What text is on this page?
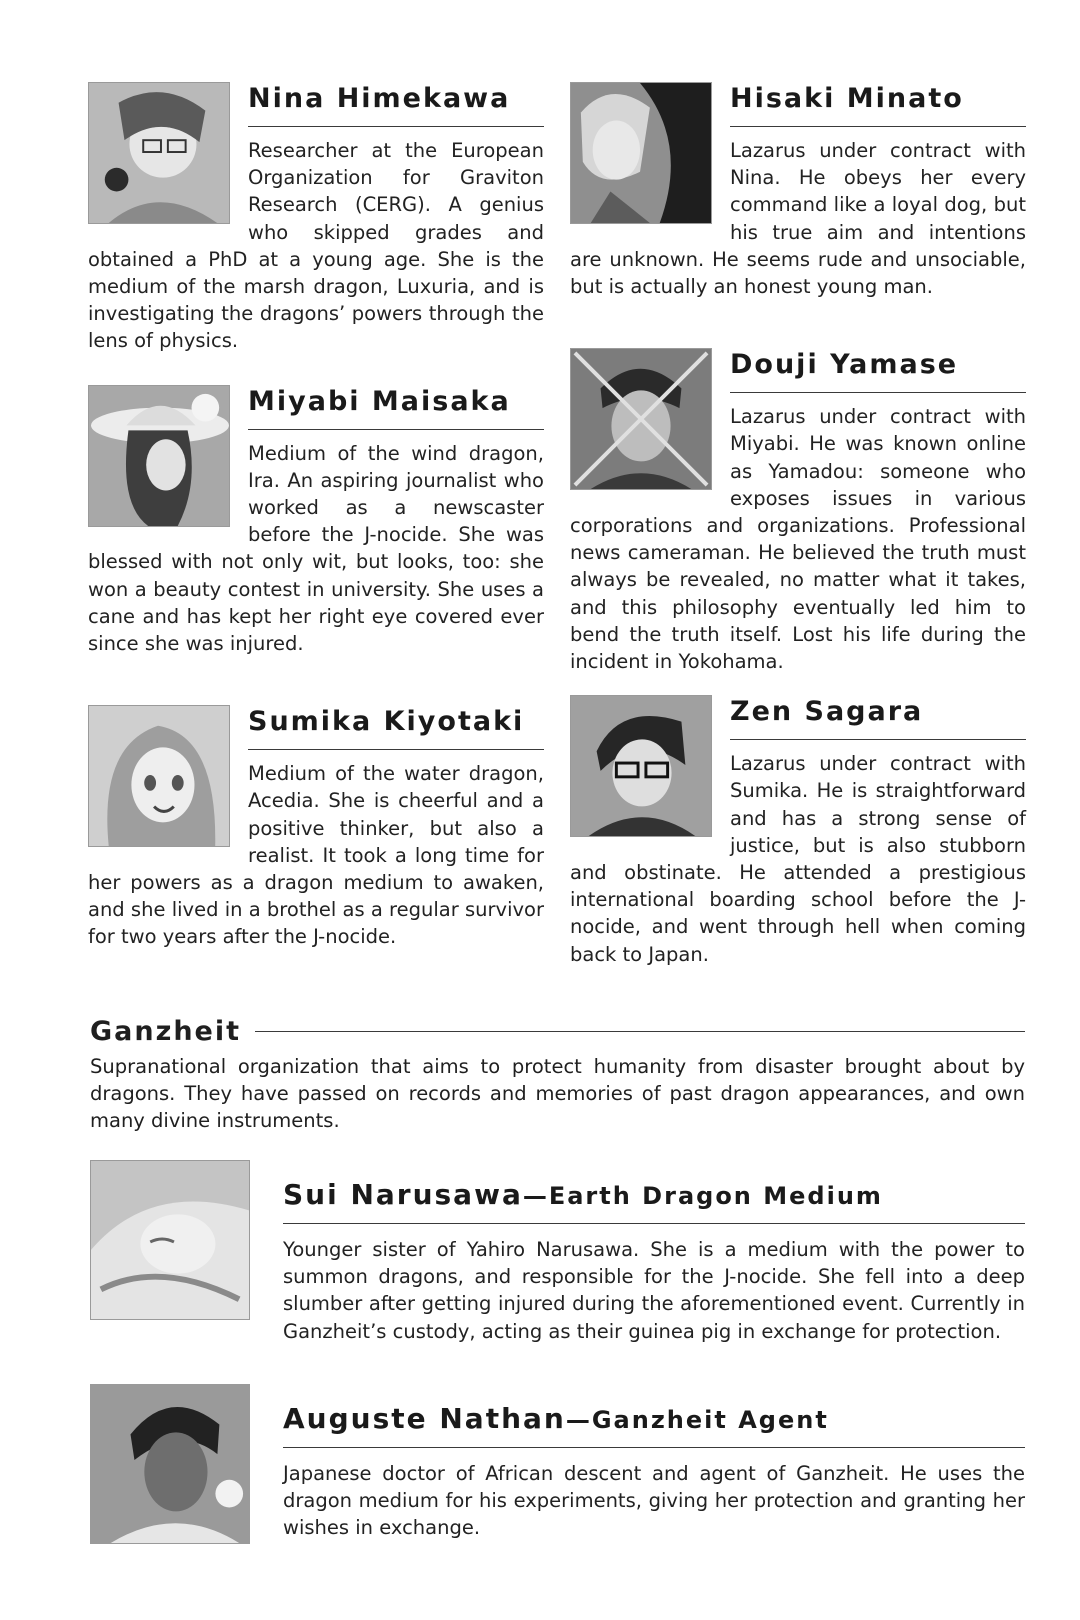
Nina Himekawa

Researcher at the European Organization for Graviton Research (CERG). A genius who skipped grades and obtained a PhD at a young age. She is the medium of the marsh dragon, Luxuria, and is investigating the dragons’ powers through the lens of physics.

Miyabi Maisaka

Medium of the wind dragon, Ira. An aspiring journalist who worked as a newscaster before the J-nocide. She was blessed with not only wit, but looks, too: she won a beauty contest in university. She uses a cane and has kept her right eye covered ever since she was injured.

Sumika Kiyotaki

Medium of the water dragon, Acedia. She is cheerful and a positive thinker, but also a realist. It took a long time for her powers as a dragon medium to awaken, and she lived in a brothel as a regular survivor for two years after the J-nocide.

Hisaki Minato

Lazarus under contract with Nina. He obeys her every command like a loyal dog, but his true aim and intentions are unknown. He seems rude and unsociable, but is actually an honest young man.

Douji Yamase

Lazarus under contract with Miyabi. He was known online as Yamadou: someone who exposes issues in various corporations and organizations. Professional news cameraman. He believed the truth must always be revealed, no matter what it takes, and this philosophy eventually led him to bend the truth itself. Lost his life during the incident in Yokohama.

Zen Sagara

Lazarus under contract with Sumika. He is straightforward and has a strong sense of justice, but is also stubborn and obstinate. He attended a prestigious international boarding school before the J-nocide, and went through hell when coming back to Japan.

Ganzheit

Supranational organization that aims to protect humanity from disaster brought about by dragons. They have passed on records and memories of past dragon appearances, and own many divine instruments.

Sui Narusawa—Earth Dragon Medium

Younger sister of Yahiro Narusawa. She is a medium with the power to summon dragons, and responsible for the J-nocide. She fell into a deep slumber after getting injured during the aforementioned event. Currently in Ganzheit’s custody, acting as their guinea pig in exchange for protection.

Auguste Nathan—Ganzheit Agent

Japanese doctor of African descent and agent of Ganzheit. He uses the dragon medium for his experiments, giving her protection and granting her wishes in exchange.
